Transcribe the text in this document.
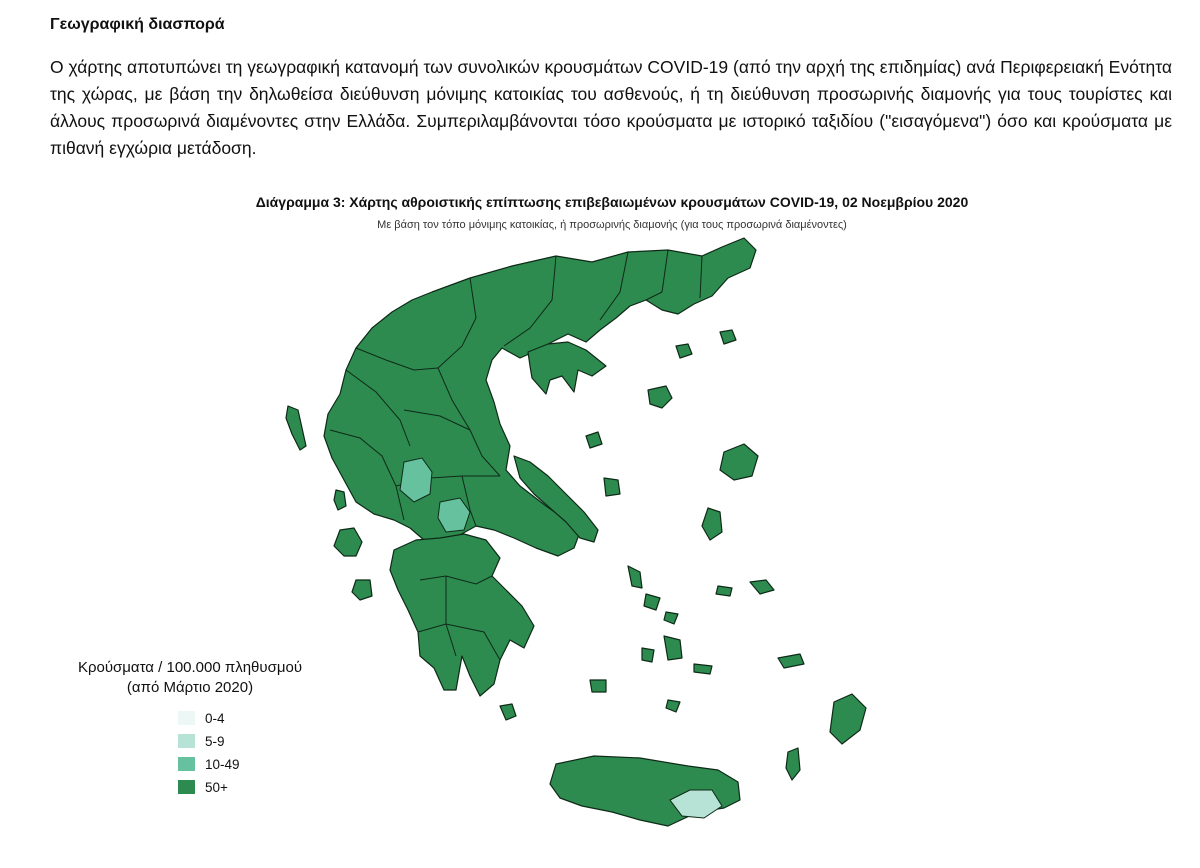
Γεωγραφική διασπορά
Ο χάρτης αποτυπώνει τη γεωγραφική κατανομή των συνολικών κρουσμάτων COVID-19 (από την αρχή της επιδημίας) ανά Περιφερειακή Ενότητα της χώρας, με βάση την δηλωθείσα διεύθυνση μόνιμης κατοικίας του ασθενούς, ή τη διεύθυνση προσωρινής διαμονής για τους τουρίστες και άλλους προσωρινά διαμένοντες στην Ελλάδα. Συμπεριλαμβάνονται τόσο κρούσματα με ιστορικό ταξιδίου ("εισαγόμενα") όσο και κρούσματα με πιθανή εγχώρια μετάδοση.
Διάγραμμα 3: Χάρτης αθροιστικής επίπτωσης επιβεβαιωμένων κρουσμάτων COVID-19, 02 Νοεμβρίου 2020
Με βάση τον τόπο μόνιμης κατοικίας, ή προσωρινής διαμονής (για τους προσωρινά διαμένοντες)
Κρούσματα / 100.000 πληθυσμού
(από Μάρτιο 2020)
0-4
5-9
10-49
50+
